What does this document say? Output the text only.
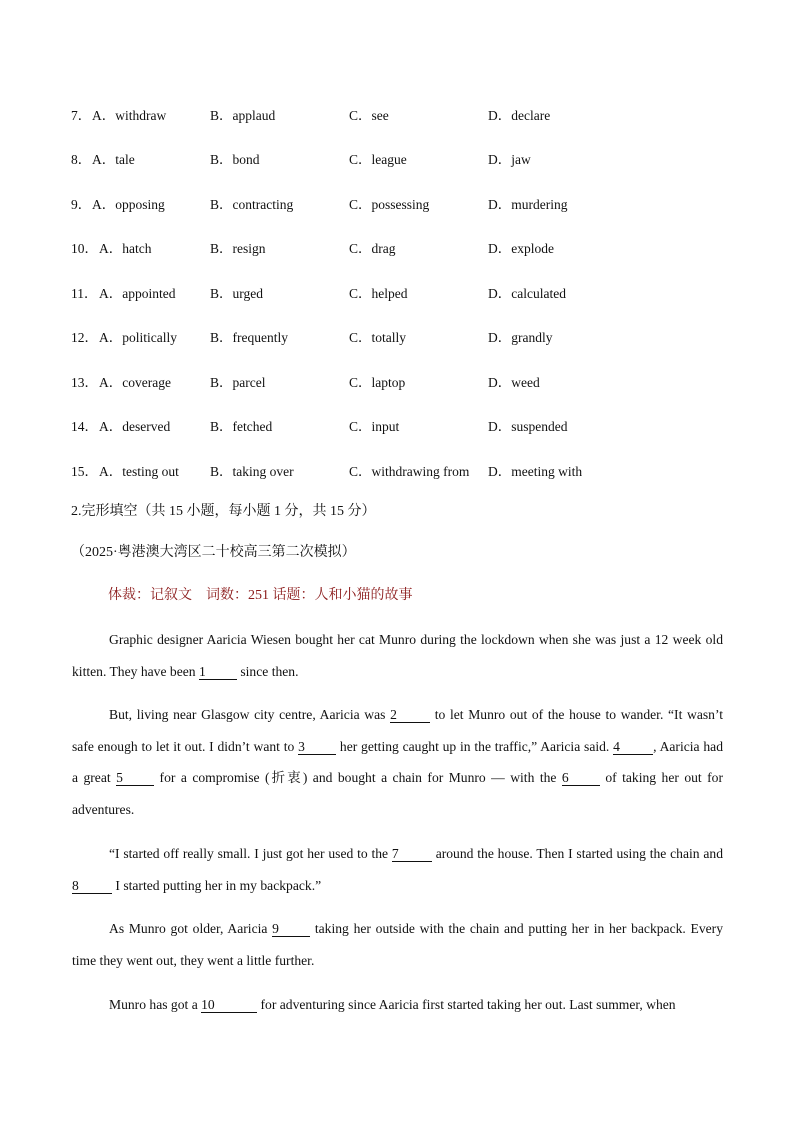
7． A．withdraw	B．applaud	C．see	D．declare
8． A．tale	B．bond	C．league	D．jaw
9． A．opposing	B．contracting	C．possessing	D．murdering
10． A．hatch	B．resign	C．drag	D．explode
11． A．appointed	B．urged	C．helped	D．calculated
12． A．politically B．frequently	C．totally	D．grandly
13． A．coverage	B．parcel	C．laptop	D．weed
14． A．deserved	B．fetched	C．input	D．suspended
15． A．testing out B．taking over	C．withdrawing from D．meeting with
2.完形填空（共 15 小题，每小题 1 分，共 15 分）
（2025·粤港澳大湾区二十校高三第二次模拟）
体裁：记叙文　词数：251 话题：人和小猫的故事
Graphic designer Aaricia Wiesen bought her cat Munro during the lockdown when she was just a 12 week old kitten. They have been 1 since then.
But, living near Glasgow city centre, Aaricia was 2 to let Munro out of the house to wander. “It wasn’t safe enough to let it out. I didn’t want to 3 her getting caught up in the traffic,” Aaricia said. 4 , Aaricia had a great 5 for a compromise (折衷) and bought a chain for Munro — with the 6 of taking her out for adventures.
“I started off really small. I just got her used to the 7 around the house. Then I started using the chain and 8 I started putting her in my backpack.”
As Munro got older, Aaricia 9 taking her outside with the chain and putting her in her backpack. Every time they went out, they went a little further.
Munro has got a 10	for adventuring since Aaricia first started taking her out. Last summer, when
